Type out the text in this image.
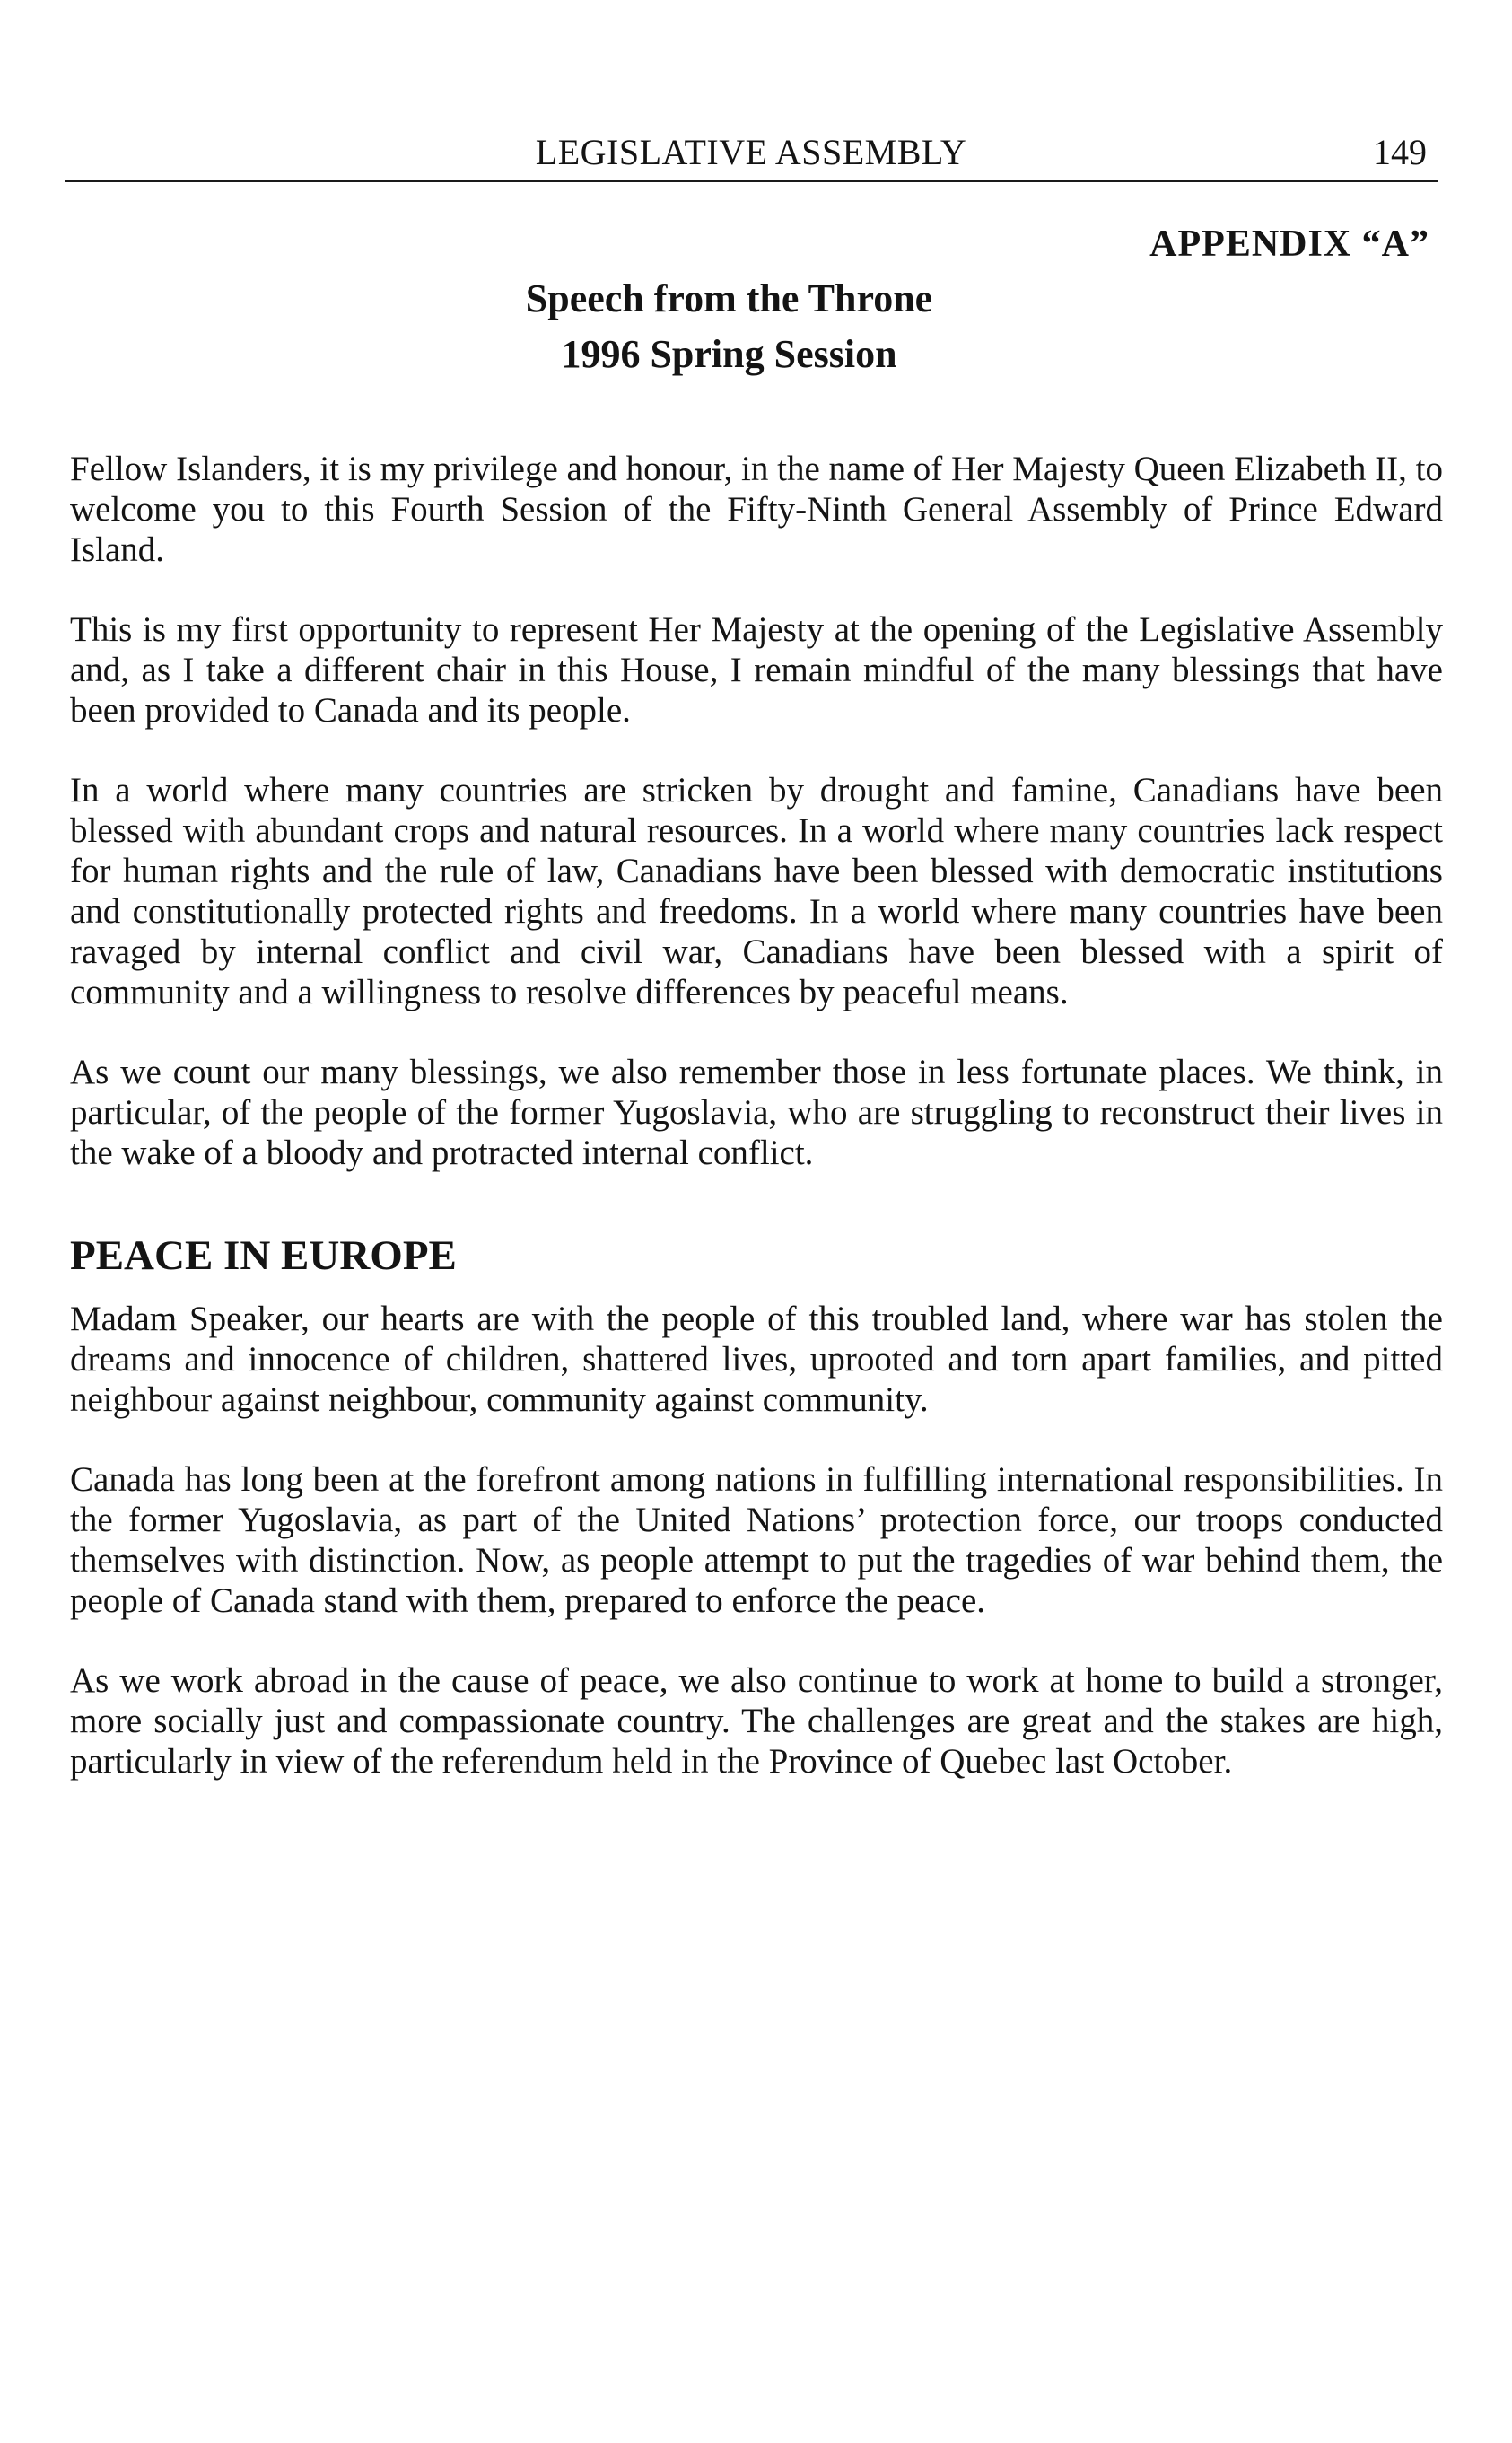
LEGISLATIVE ASSEMBLY	149
APPENDIX “A”
Speech from the Throne
1996 Spring Session

Fellow Islanders, it is my privilege and honour, in the name of Her Majesty Queen Elizabeth II, to welcome you to this Fourth Session of the Fifty-Ninth General Assembly of Prince Edward Island.

This is my first opportunity to represent Her Majesty at the opening of the Legislative Assembly and, as I take a different chair in this House, I remain mindful of the many blessings that have been provided to Canada and its people.

In a world where many countries are stricken by drought and famine, Canadians have been blessed with abundant crops and natural resources. In a world where many countries lack respect for human rights and the rule of law, Canadians have been blessed with democratic institutions and constitutionally protected rights and freedoms. In a world where many countries have been ravaged by internal conflict and civil war, Canadians have been blessed with a spirit of community and a willingness to resolve differences by peaceful means.

As we count our many blessings, we also remember those in less fortunate places. We think, in particular, of the people of the former Yugoslavia, who are struggling to reconstruct their lives in the wake of a bloody and protracted internal conflict.

PEACE IN EUROPE

Madam Speaker, our hearts are with the people of this troubled land, where war has stolen the dreams and innocence of children, shattered lives, uprooted and torn apart families, and pitted neighbour against neighbour, community against community.

Canada has long been at the forefront among nations in fulfilling international responsibilities. In the former Yugoslavia, as part of the United Nations’ protection force, our troops conducted themselves with distinction. Now, as people attempt to put the tragedies of war behind them, the people of Canada stand with them, prepared to enforce the peace.

As we work abroad in the cause of peace, we also continue to work at home to build a stronger, more socially just and compassionate country. The challenges are great and the stakes are high, particularly in view of the referendum held in the Province of Quebec last October.
